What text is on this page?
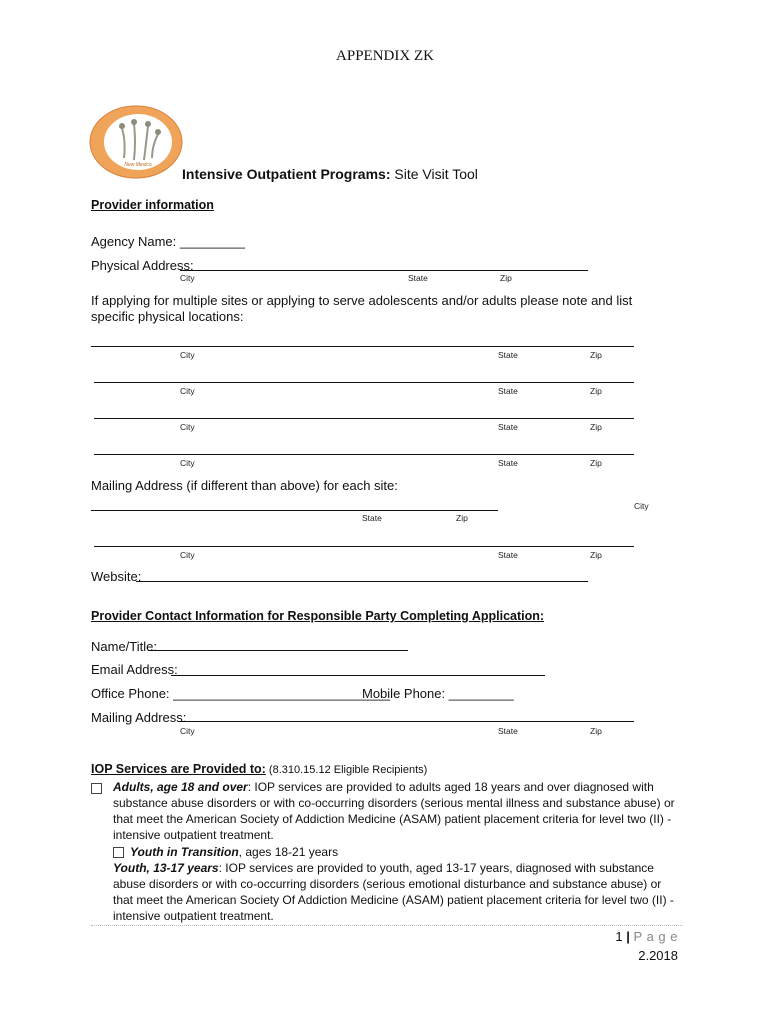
APPENDIX ZK
New Mexico
Intensive Outpatient Programs: Site Visit Tool
Provider information
Agency Name: _________
Physical Address:
City	State	Zip
If applying for multiple sites or applying to serve adolescents and/or adults please note and list specific physical locations:
City	State	Zip
City	State	Zip
City	State	Zip
City	State	Zip
Mailing Address (if different than above) for each site:
City
State	Zip
City	State	Zip
Website:
Provider Contact Information for Responsible Party Completing Application:
Name/Title:
Email Address:
Office Phone: ______________________________
Mobile Phone: _________
Mailing Address:
City	State	Zip
IOP Services are Provided to: (8.310.15.12 Eligible Recipients)
Adults, age 18 and over: IOP services are provided to adults aged 18 years and over diagnosed with substance abuse disorders or with co-occurring disorders (serious mental illness and substance abuse) or that meet the American Society of Addiction Medicine (ASAM) patient placement criteria for level two (II) - intensive outpatient treatment.
Youth in Transition, ages 18-21 years
Youth, 13-17 years: IOP services are provided to youth, aged 13-17 years, diagnosed with substance abuse disorders or with co-occurring disorders (serious emotional disturbance and substance abuse) or that meet the American Society Of Addiction Medicine (ASAM) patient placement criteria for level two (II) - intensive outpatient treatment.
1 | P a g e
2.2018
